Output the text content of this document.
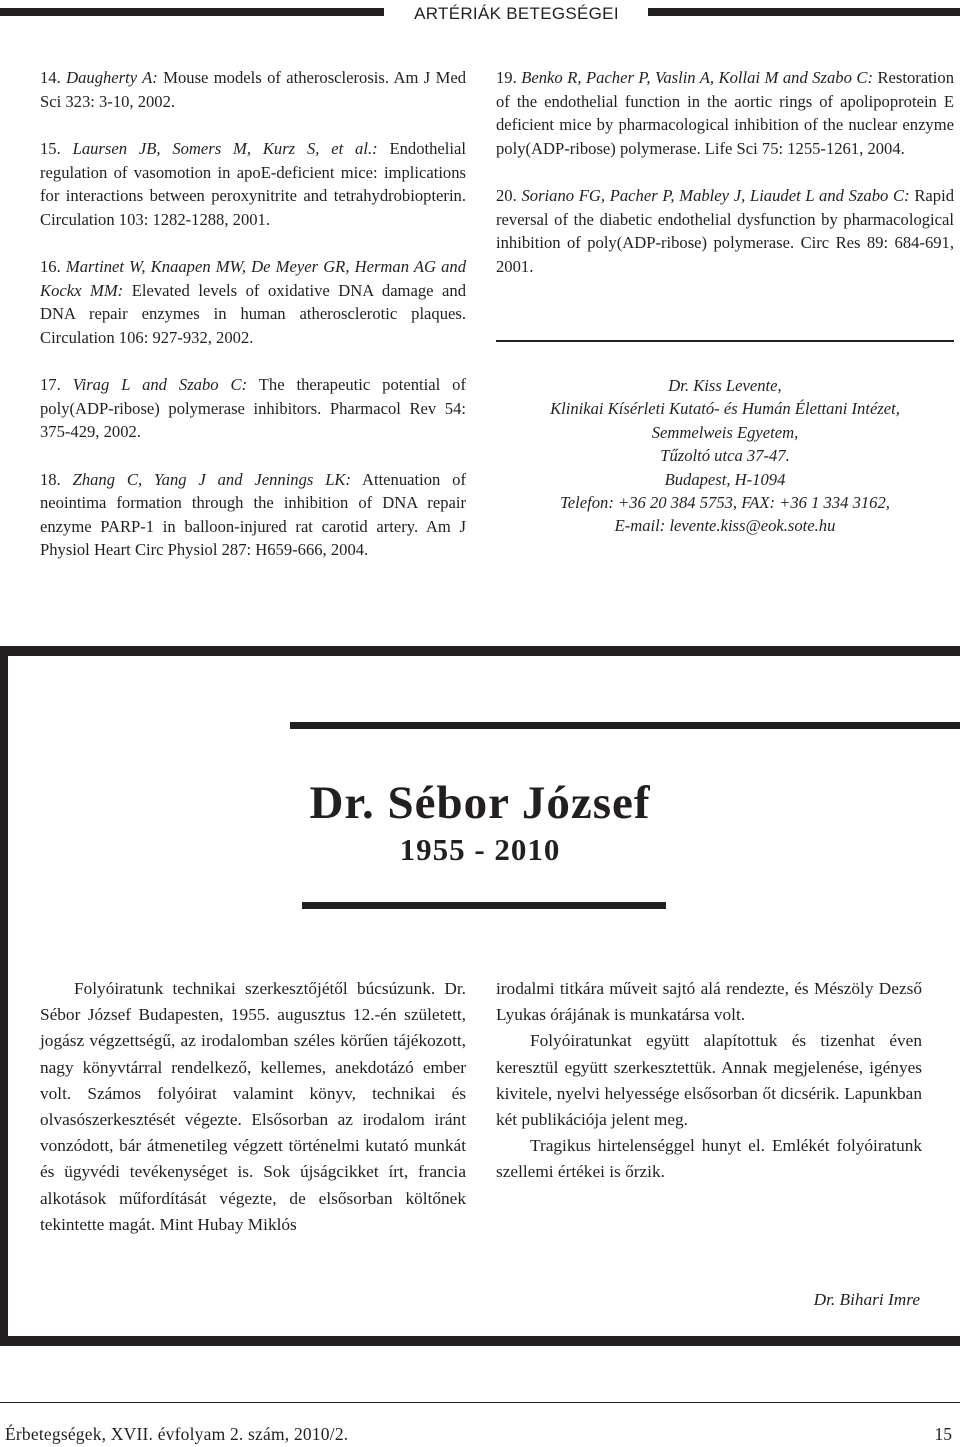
ARTÉRIÁK BETEGSÉGEI
14. Daugherty A: Mouse models of atherosclerosis. Am J Med Sci 323: 3-10, 2002.
15. Laursen JB, Somers M, Kurz S, et al.: Endothelial regulation of vasomotion in apoE-deficient mice: implications for interactions between peroxynitrite and tetrahydrobiopterin. Circulation 103: 1282-1288, 2001.
16. Martinet W, Knaapen MW, De Meyer GR, Herman AG and Kockx MM: Elevated levels of oxidative DNA damage and DNA repair enzymes in human atherosclerotic plaques. Circulation 106: 927-932, 2002.
17. Virag L and Szabo C: The therapeutic potential of poly(ADP-ribose) polymerase inhibitors. Pharmacol Rev 54: 375-429, 2002.
18. Zhang C, Yang J and Jennings LK: Attenuation of neointima formation through the inhibition of DNA repair enzyme PARP-1 in balloon-injured rat carotid artery. Am J Physiol Heart Circ Physiol 287: H659-666, 2004.
19. Benko R, Pacher P, Vaslin A, Kollai M and Szabo C: Restoration of the endothelial function in the aortic rings of apolipoprotein E deficient mice by pharmacological inhibition of the nuclear enzyme poly(ADP-ribose) polymerase. Life Sci 75: 1255-1261, 2004.
20. Soriano FG, Pacher P, Mabley J, Liaudet L and Szabo C: Rapid reversal of the diabetic endothelial dysfunction by pharmacological inhibition of poly(ADP-ribose) polymerase. Circ Res 89: 684-691, 2001.
Dr. Kiss Levente,
Klinikai Kísérleti Kutató- és Humán Élettani Intézet,
Semmelweis Egyetem,
Tűzoltó utca 37-47.
Budapest, H-1094
Telefon: +36 20 384 5753, FAX: +36 1 334 3162,
E-mail: levente.kiss@eok.sote.hu
Dr. Sébor József
1955 - 2010

Folyóiratunk technikai szerkesztőjétől búcsúzunk. Dr. Sébor József Budapesten, 1955. augusztus 12.-én született, jogász végzettségű, az irodalomban széles körűen tájékozott, nagy könyvtárral rendelkező, kellemes, anekdotázó ember volt. Számos folyóirat valamint könyv, technikai és olvasószerkesztését végezte. Elsősorban az irodalom iránt vonzódott, bár átmenetileg végzett történelmi kutató munkát és ügyvédi tevékenységet is. Sok újságcikket írt, francia alkotások műfordítását végezte, de elsősorban költőnek tekintette magát. Mint Hubay Miklós

irodalmi titkára műveit sajtó alá rendezte, és Mészöly Dezső Lyukas órájának is munkatársa volt.

Folyóiratunkat együtt alapítottuk és tizenhat éven keresztül együtt szerkesztettük. Annak megjelenése, igényes kivitele, nyelvi helyessége elsősorban őt dicsérik. Lapunkban két publikációja jelent meg.

Tragikus hirtelenséggel hunyt el. Emlékét folyóiratunk szellemi értékei is őrzik.

Dr. Bihari Imre
Érbetegségek, XVII. évfolyam 2. szám, 2010/2.	15
